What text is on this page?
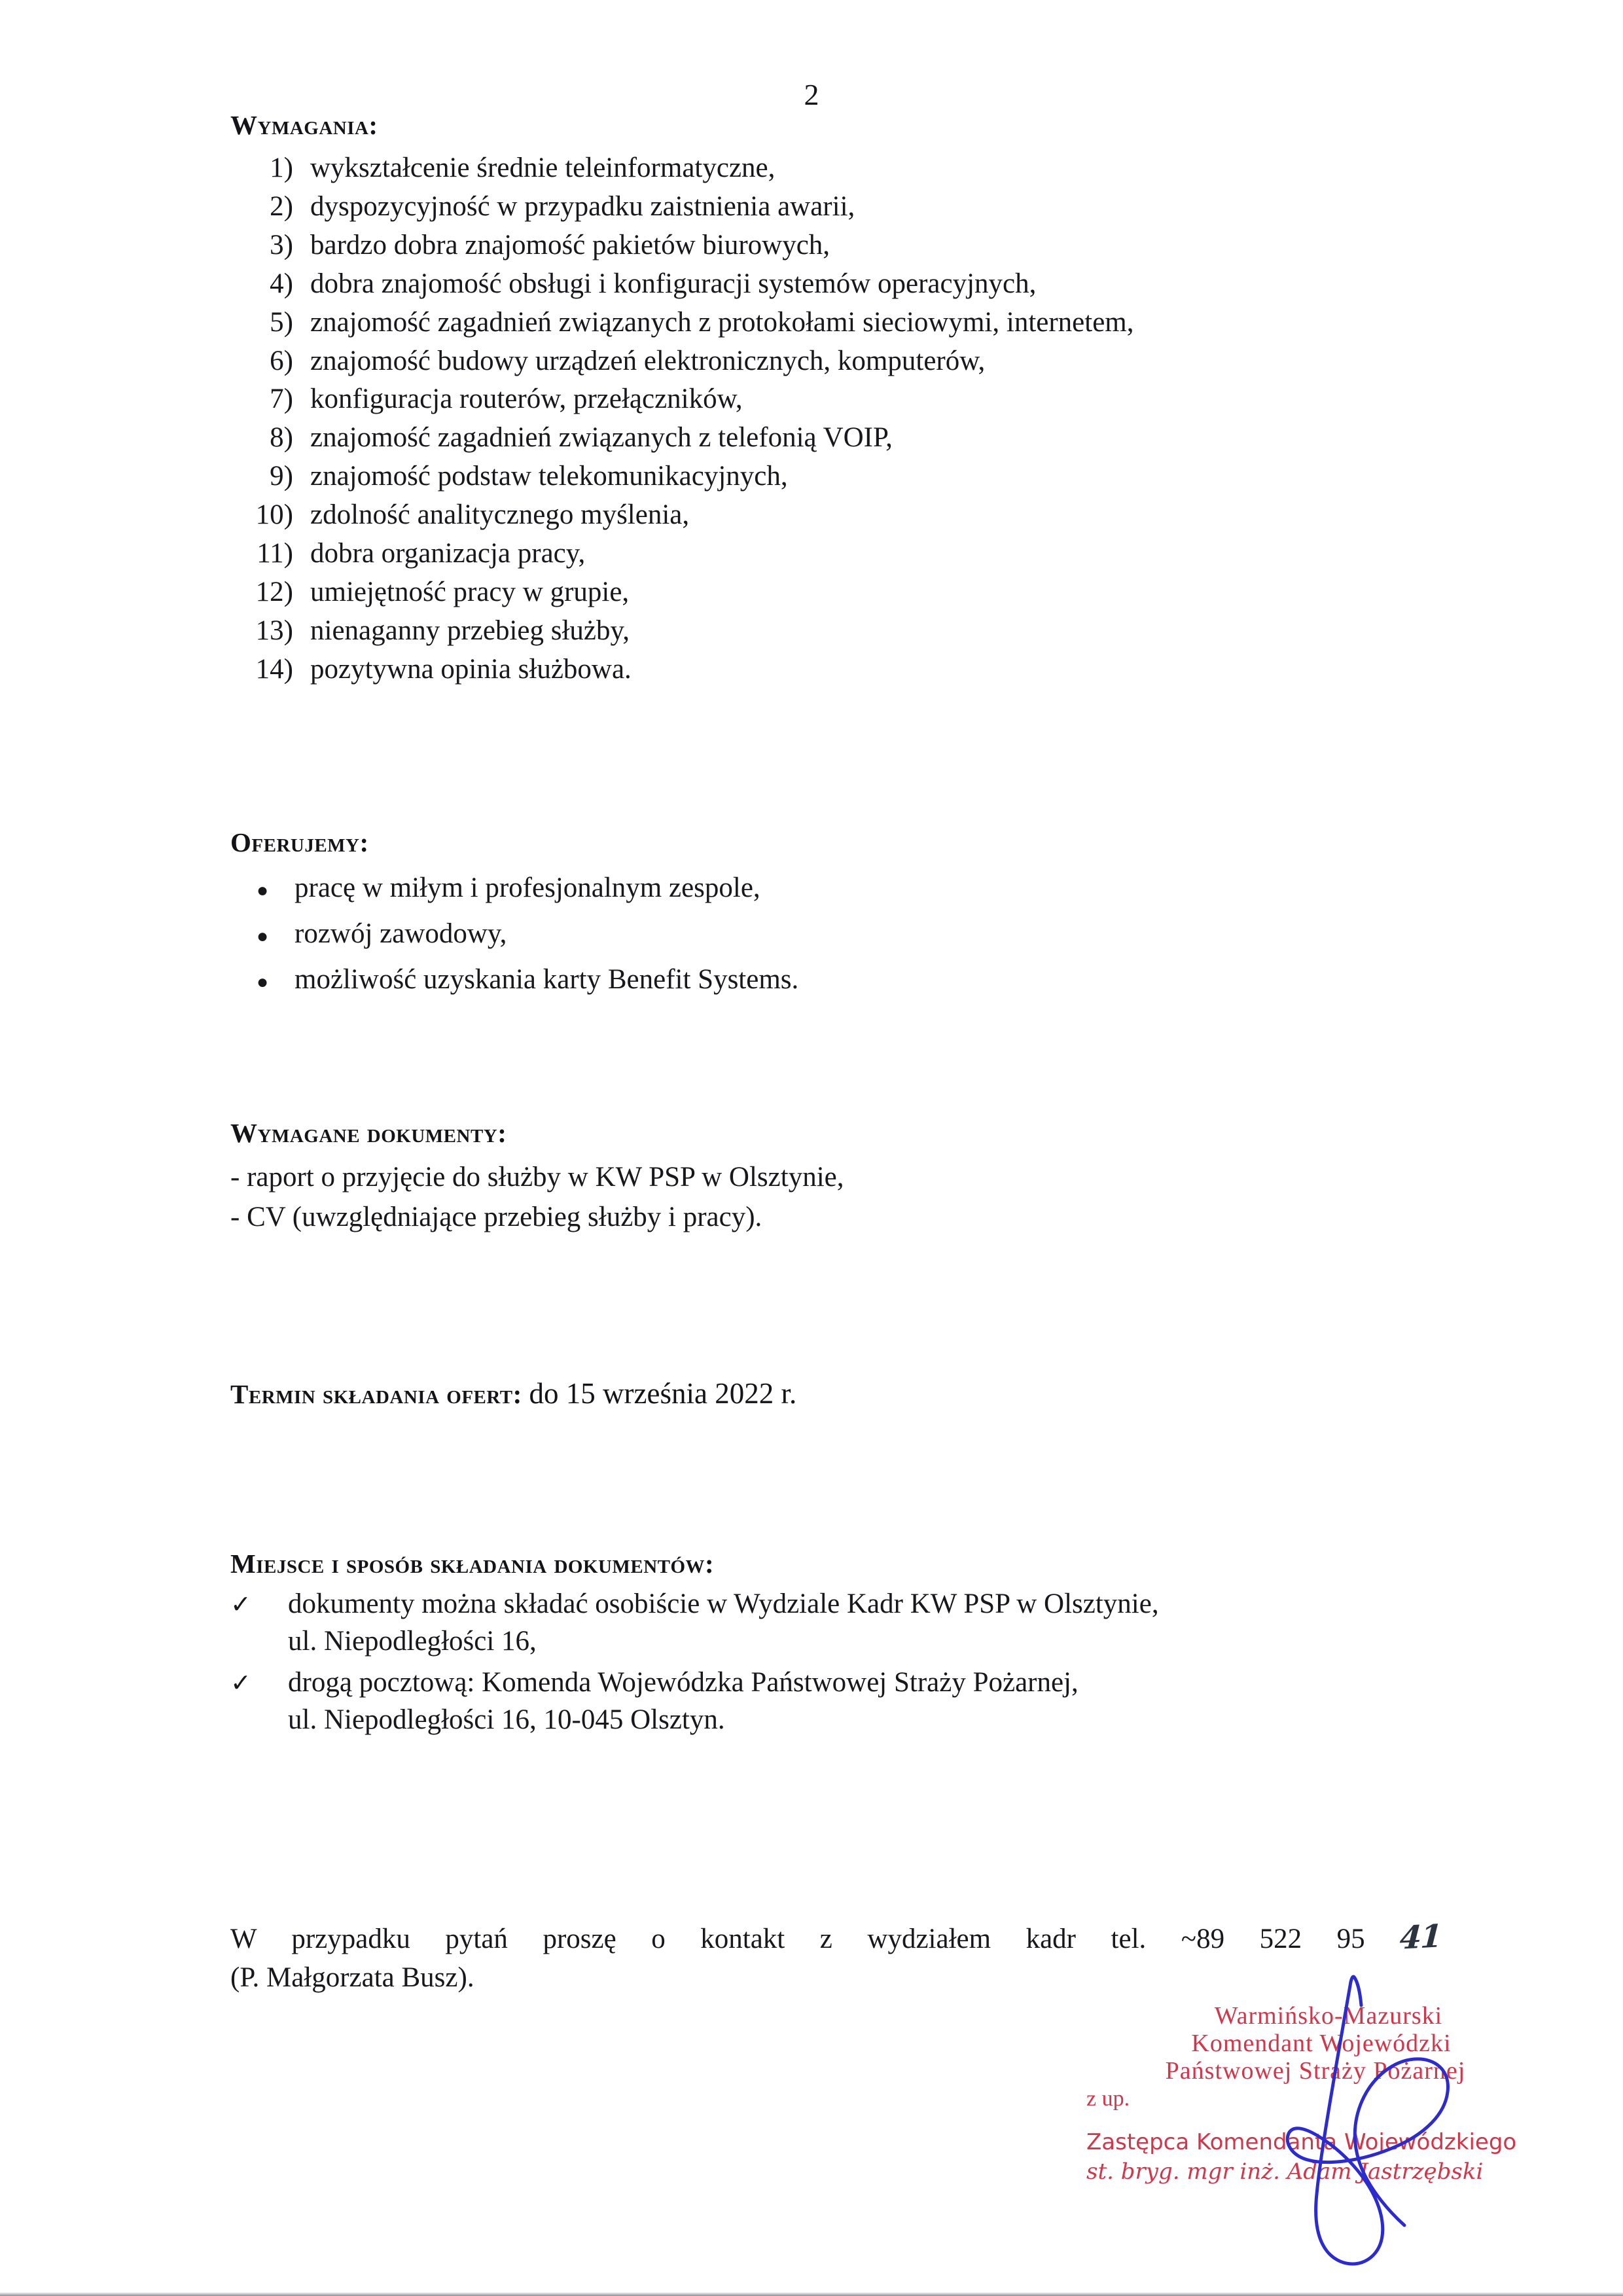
2
Wymagania:
1) wykształcenie średnie teleinformatyczne,
2) dyspozycyjność w przypadku zaistnienia awarii,
3) bardzo dobra znajomość pakietów biurowych,
4) dobra znajomość obsługi i konfiguracji systemów operacyjnych,
5) znajomość zagadnień związanych z protokołami sieciowymi, internetem,
6) znajomość budowy urządzeń elektronicznych, komputerów,
7) konfiguracja routerów, przełączników,
8) znajomość zagadnień związanych z telefonią VOIP,
9) znajomość podstaw telekomunikacyjnych,
10) zdolność analitycznego myślenia,
11) dobra organizacja pracy,
12) umiejętność pracy w grupie,
13) nienaganny przebieg służby,
14) pozytywna opinia służbowa.
Oferujemy:
● pracę w miłym i profesjonalnym zespole,
● rozwój zawodowy,
● możliwość uzyskania karty Benefit Systems.
Wymagane dokumenty:
- raport o przyjęcie do służby w KW PSP w Olsztynie,
- CV (uwzględniające przebieg służby i pracy).
Termin składania ofert: do 15 września 2022 r.
Miejsce i sposób składania dokumentów:
✓	dokumenty można składać osobiście w Wydziale Kadr KW PSP w Olsztynie,
ul. Niepodległości 16,
✓	drogą pocztową: Komenda Wojewódzka Państwowej Straży Pożarnej,
ul. Niepodległości 16, 10-045 Olsztyn.
W przypadku pytań proszę o kontakt z wydziałem kadr tel. ~89 522 95 41
(P. Małgorzata Busz).
Warmińsko-Mazurski
Komendant Wojewódzki
Państwowej Straży Pożarnej
z up.
Zastępca Komendanta Wojewódzkiego
st. bryg. mgr inż. Adam Jastrzębski
